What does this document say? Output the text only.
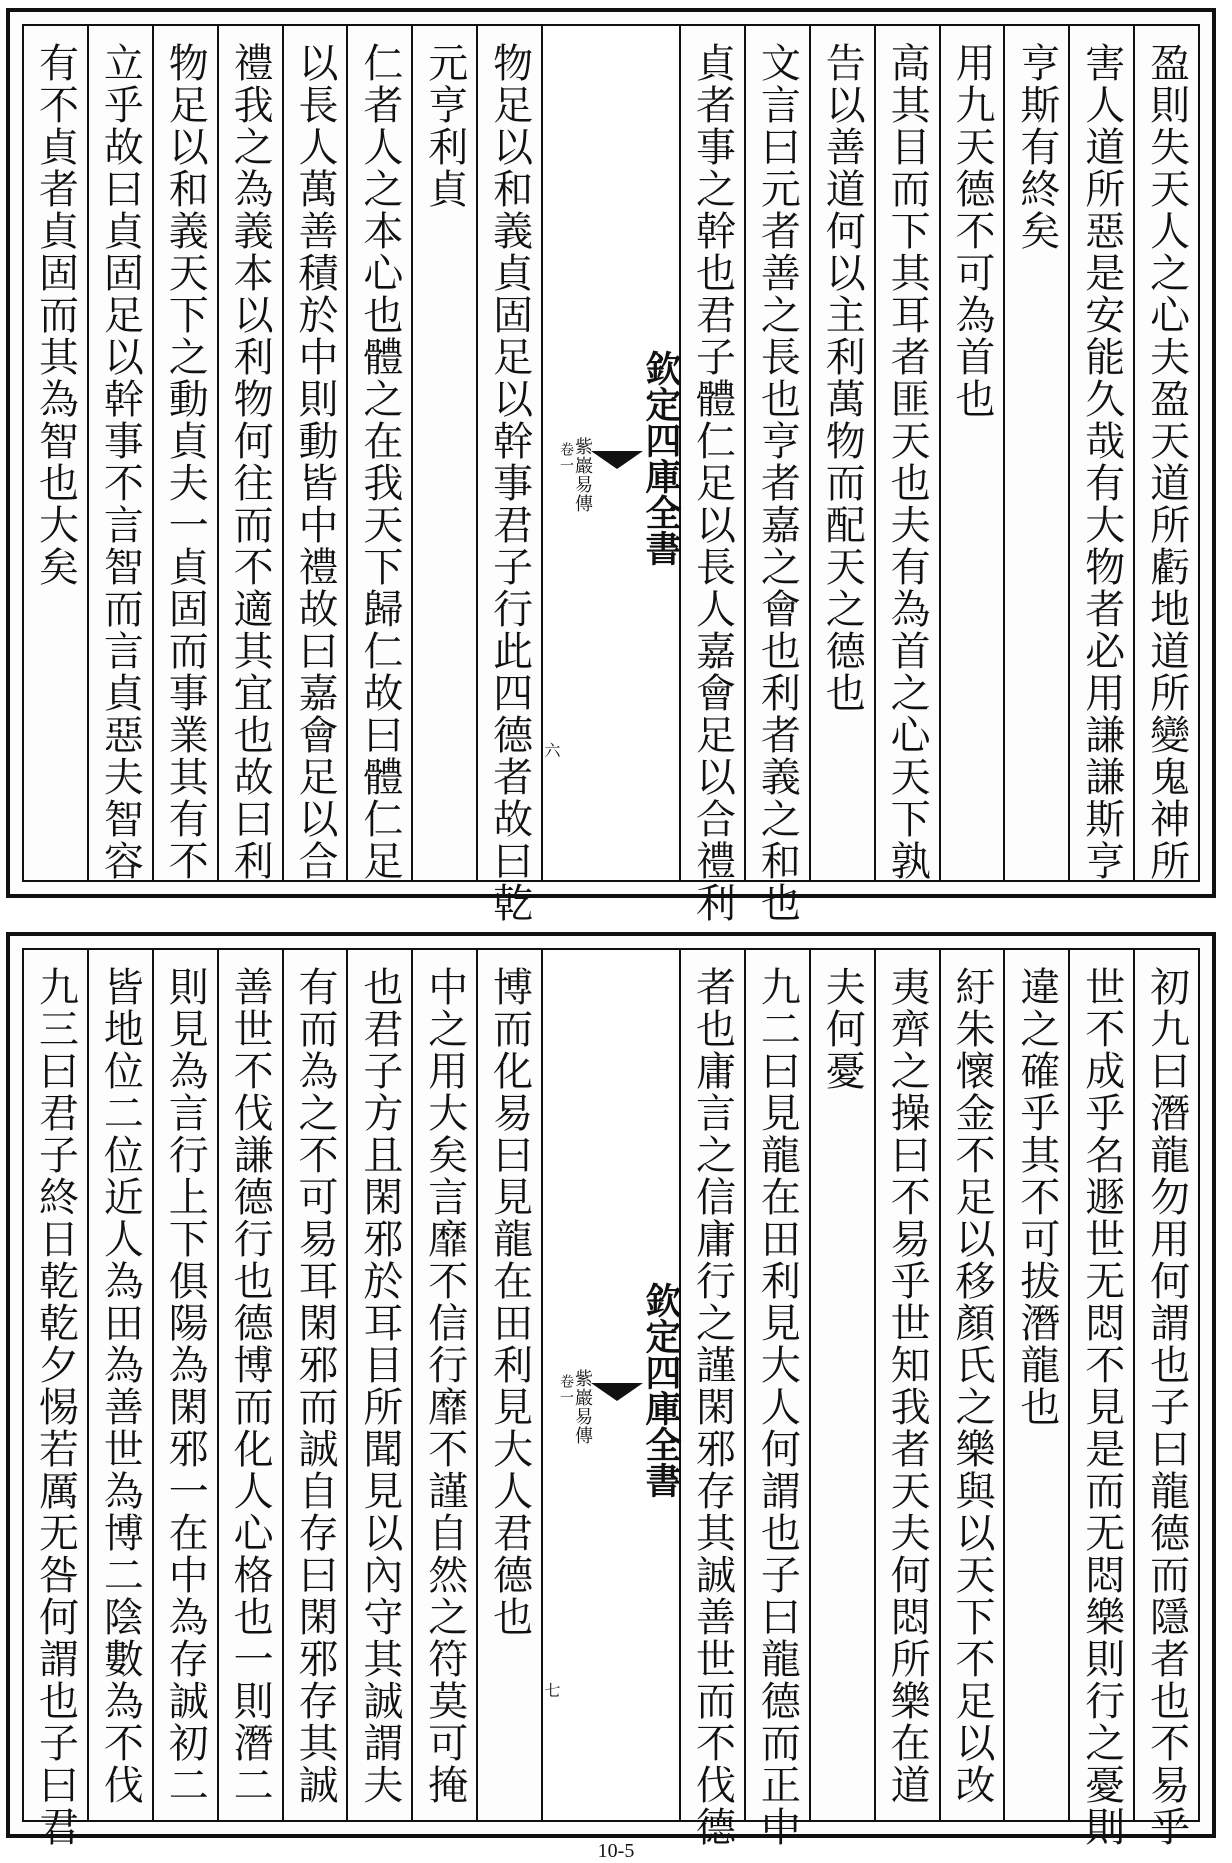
盈則失天人之心夫盈天道所虧地道所變鬼神所
害人道所惡是安能久哉有大物者必用謙謙斯亨
亨斯有終矣
用九天德不可為首也
高其目而下其耳者匪天也夫有為首之心天下孰
告以善道何以主利萬物而配天之德也
文言曰元者善之長也亨者嘉之會也利者義之和也
貞者事之幹也君子體仁足以長人嘉會足以合禮利
欽定四庫全書
紫巖易傳
卷一
六
物足以和義貞固足以幹事君子行此四德者故曰乾
元亨利貞
仁者人之本心也體之在我天下歸仁故曰體仁足
以長人萬善積於中則動皆中禮故曰嘉會足以合
禮我之為義本以利物何往而不適其宜也故曰利
物足以和義天下之動貞夫一貞固而事業其有不
立乎故曰貞固足以幹事不言智而言貞惡夫智容
有不貞者貞固而其為智也大矣
初九曰潛龍勿用何謂也子曰龍德而隱者也不易乎
世不成乎名遯世无悶不見是而无悶樂則行之憂則
違之確乎其不可拔潛龍也
紆朱懷金不足以移顏氏之樂與以天下不足以改
夷齊之操曰不易乎世知我者天夫何悶所樂在道
夫何憂
九二曰見龍在田利見大人何謂也子曰龍德而正中
者也庸言之信庸行之謹閑邪存其誠善世而不伐德
欽定四庫全書
紫巖易傳
卷一
七
博而化易曰見龍在田利見大人君德也
中之用大矣言靡不信行靡不謹自然之符莫可掩
也君子方且閑邪於耳目所聞見以內守其誠謂夫
有而為之不可易耳閑邪而誠自存曰閑邪存其誠
善世不伐謙德行也德博而化人心格也一則潛二
則見為言行上下俱陽為閑邪一在中為存誠初二
皆地位二位近人為田為善世為博二陰數為不伐
九三曰君子終日乾乾夕惕若厲无咎何謂也子曰君
10-5
